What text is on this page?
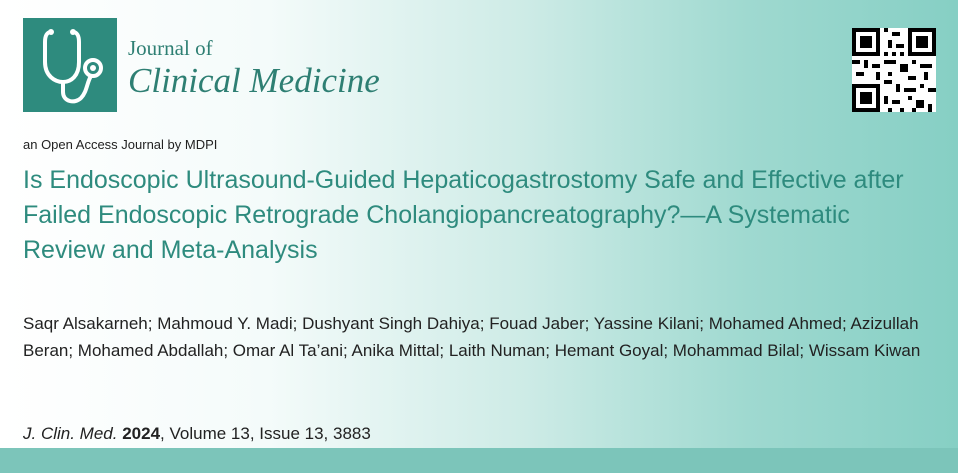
Journal of
Clinical Medicine
an Open Access Journal by MDPI
Is Endoscopic Ultrasound-Guided Hepaticogastrostomy Safe and Effective after Failed Endoscopic Retrograde Cholangiopancreatography?—A Systematic Review and Meta-Analysis
Saqr Alsakarneh; Mahmoud Y. Madi; Dushyant Singh Dahiya; Fouad Jaber; Yassine Kilani; Mohamed Ahmed; Azizullah Beran; Mohamed Abdallah; Omar Al Ta’ani; Anika Mittal; Laith Numan; Hemant Goyal; Mohammad Bilal; Wissam Kiwan
J. Clin. Med. 2024, Volume 13, Issue 13, 3883
